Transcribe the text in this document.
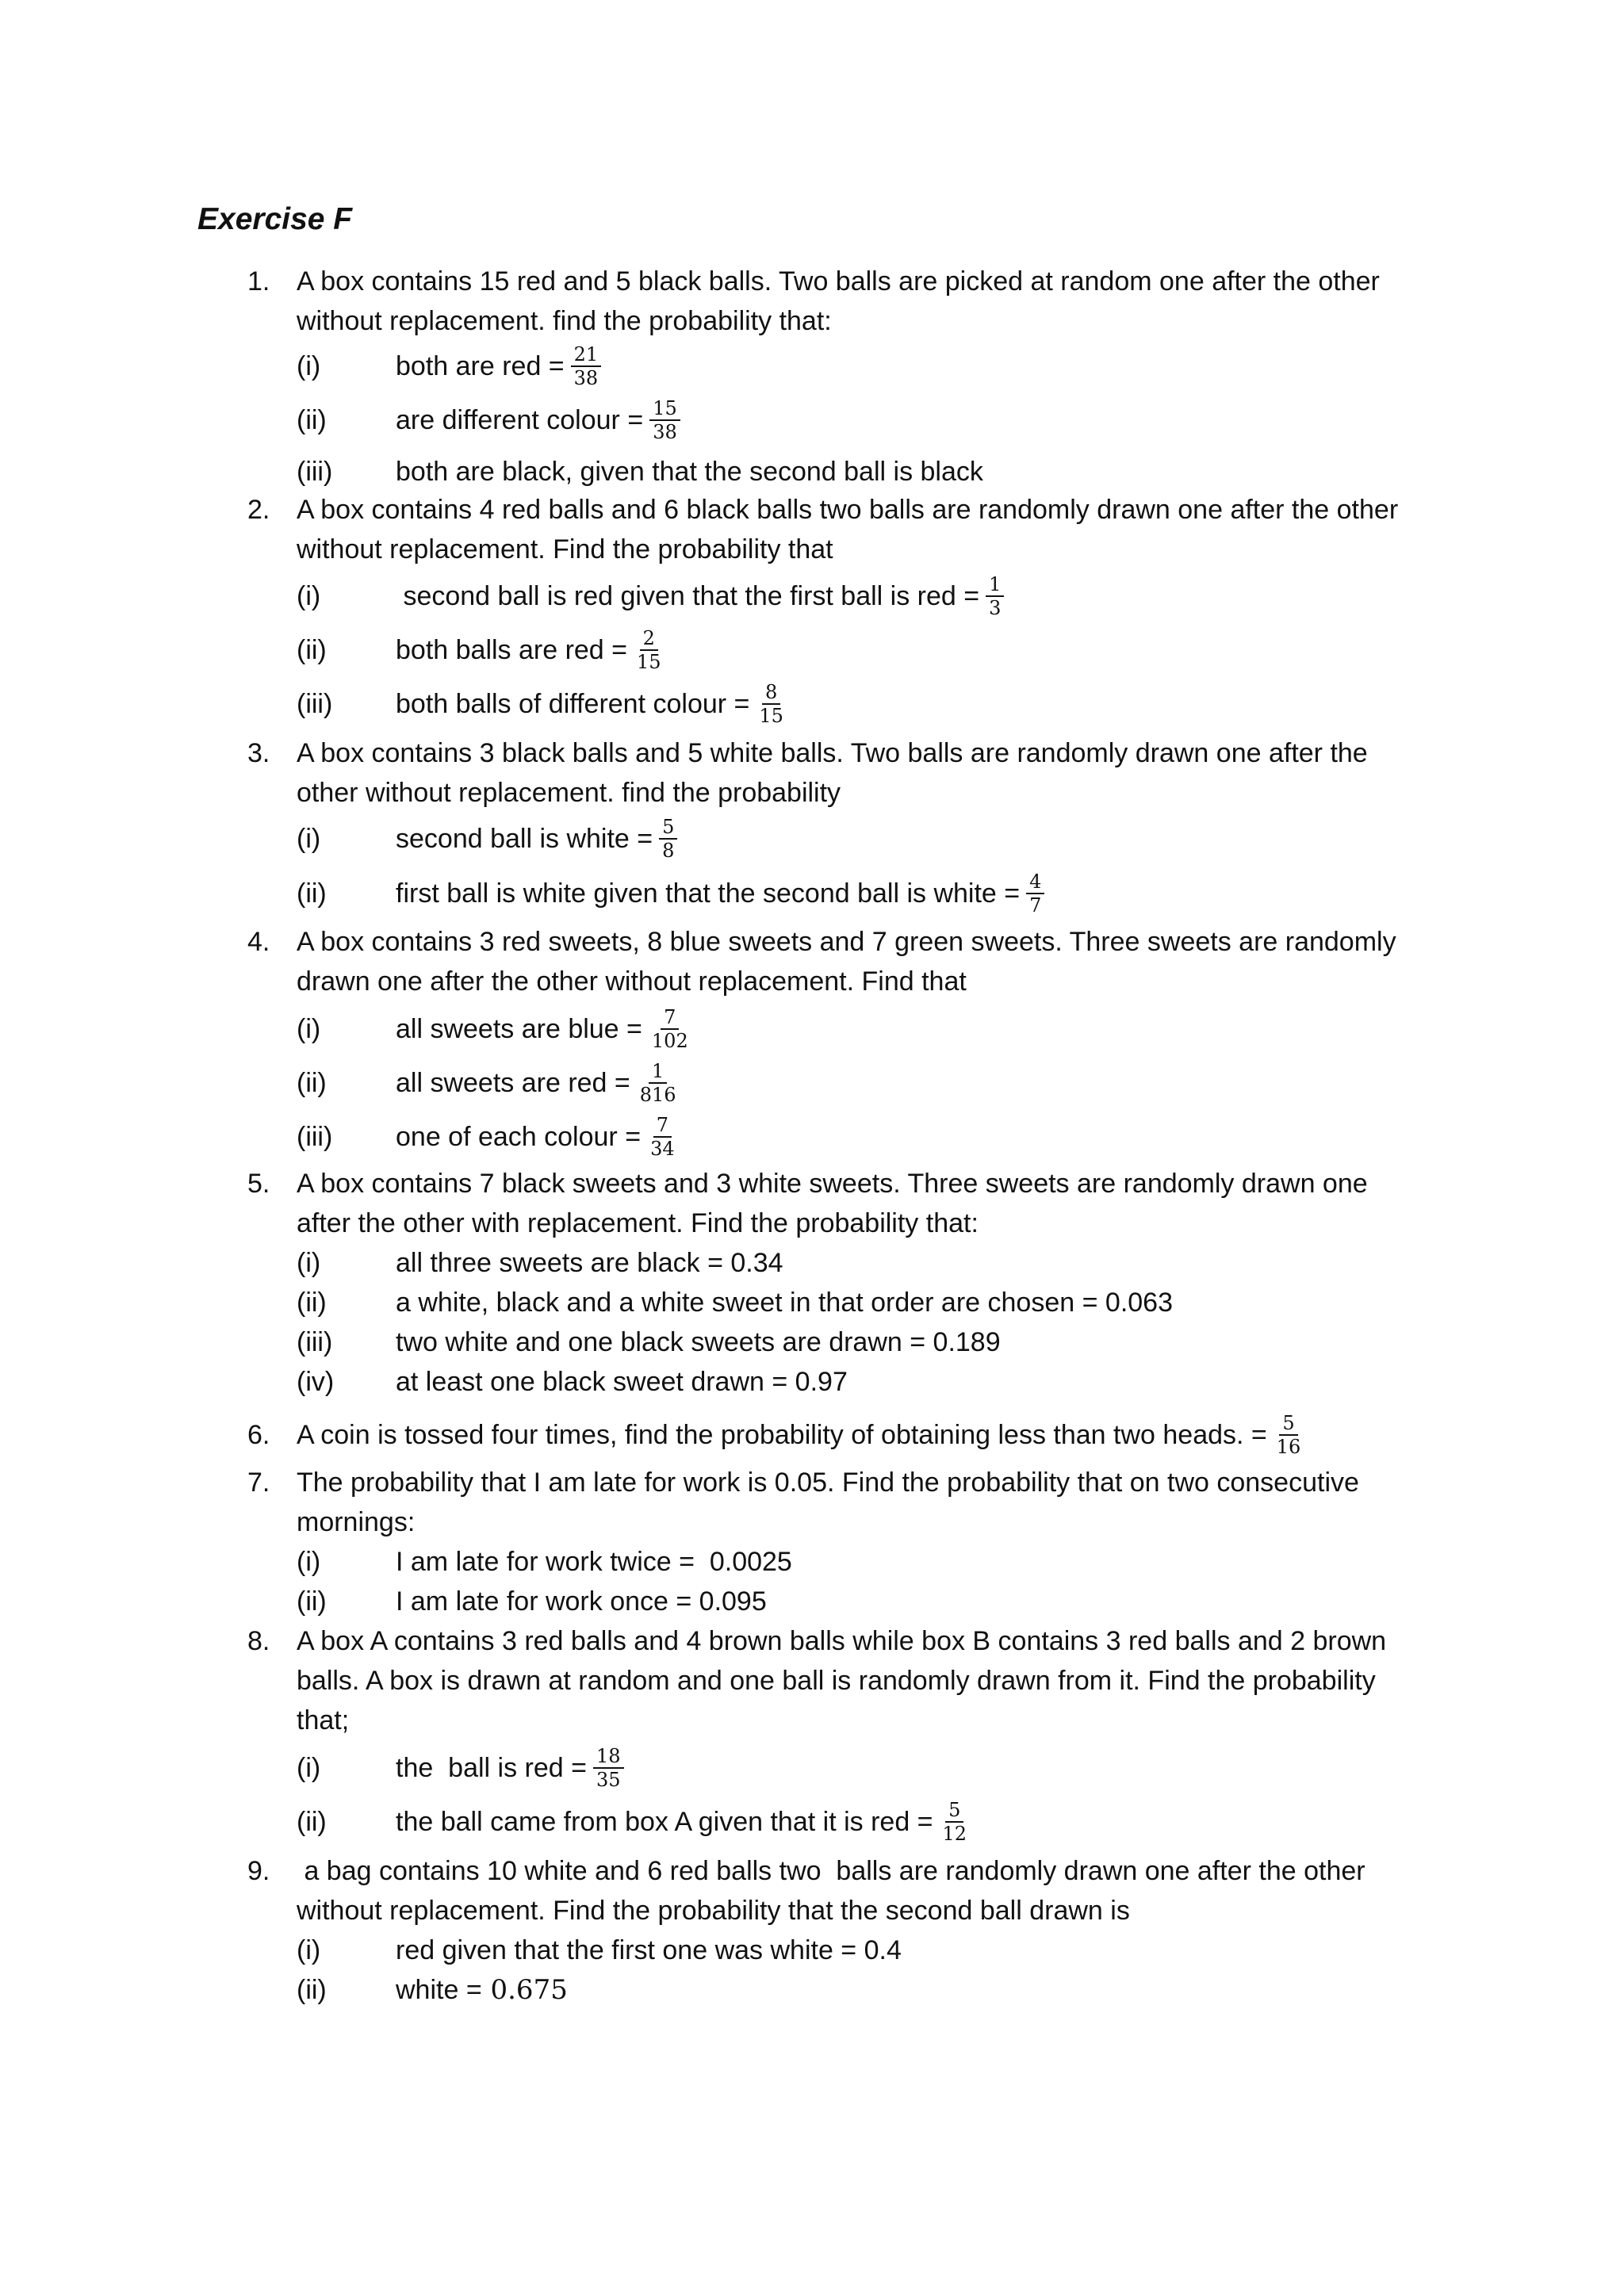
Exercise F
1. A box contains 15 red and 5 black balls. Two balls are picked at random one after the other
without replacement. find the probability that:
(i)	both are red = $\frac{21}{38}$
(ii)	are different colour = $\frac{15}{38}$
(iii) both are black, given that the second ball is black
2. A box contains 4 red balls and 6 black balls two balls are randomly drawn one after the other
without replacement. Find the probability that
(i)	second ball is red given that the first ball is red = $\frac{1}{3}$
(ii)	both balls are red = $\frac{2}{15}$
(iii) both balls of different colour = $\frac{8}{15}$
3. A box contains 3 black balls and 5 white balls. Two balls are randomly drawn one after the
other without replacement. find the probability
(i)	second ball is white = $\frac{5}{8}$
(ii)	first ball is white given that the second ball is white = $\frac{4}{7}$
4. A box contains 3 red sweets, 8 blue sweets and 7 green sweets. Three sweets are randomly
drawn one after the other without replacement. Find that
(i)	all sweets are blue = $\frac{7}{102}$
(ii)	all sweets are red = $\frac{1}{816}$
(iii) one of each colour = $\frac{7}{34}$
5. A box contains 7 black sweets and 3 white sweets. Three sweets are randomly drawn one
after the other with replacement. Find the probability that:
(i)	all three sweets are black = 0.34
(ii)	a white, black and a white sweet in that order are chosen = 0.063
(iii) two white and one black sweets are drawn = 0.189
(iv) at least one black sweet drawn = 0.97
6. A coin is tossed four times, find the probability of obtaining less than two heads. = $\frac{5}{16}$
7. The probability that I am late for work is 0.05. Find the probability that on two consecutive
mornings:
(i)	I am late for work twice =  0.0025
(ii)	I am late for work once = 0.095
8. A box A contains 3 red balls and 4 brown balls while box B contains 3 red balls and 2 brown
balls. A box is drawn at random and one ball is randomly drawn from it. Find the probability
that;
(i)	the  ball is red = $\frac{18}{35}$
(ii)	the ball came from box A given that it is red = $\frac{5}{12}$
9. a bag contains 10 white and 6 red balls two  balls are randomly drawn one after the other
without replacement. Find the probability that the second ball drawn is
(i)	red given that the first one was white = 0.4
(ii)	white = 0.675
